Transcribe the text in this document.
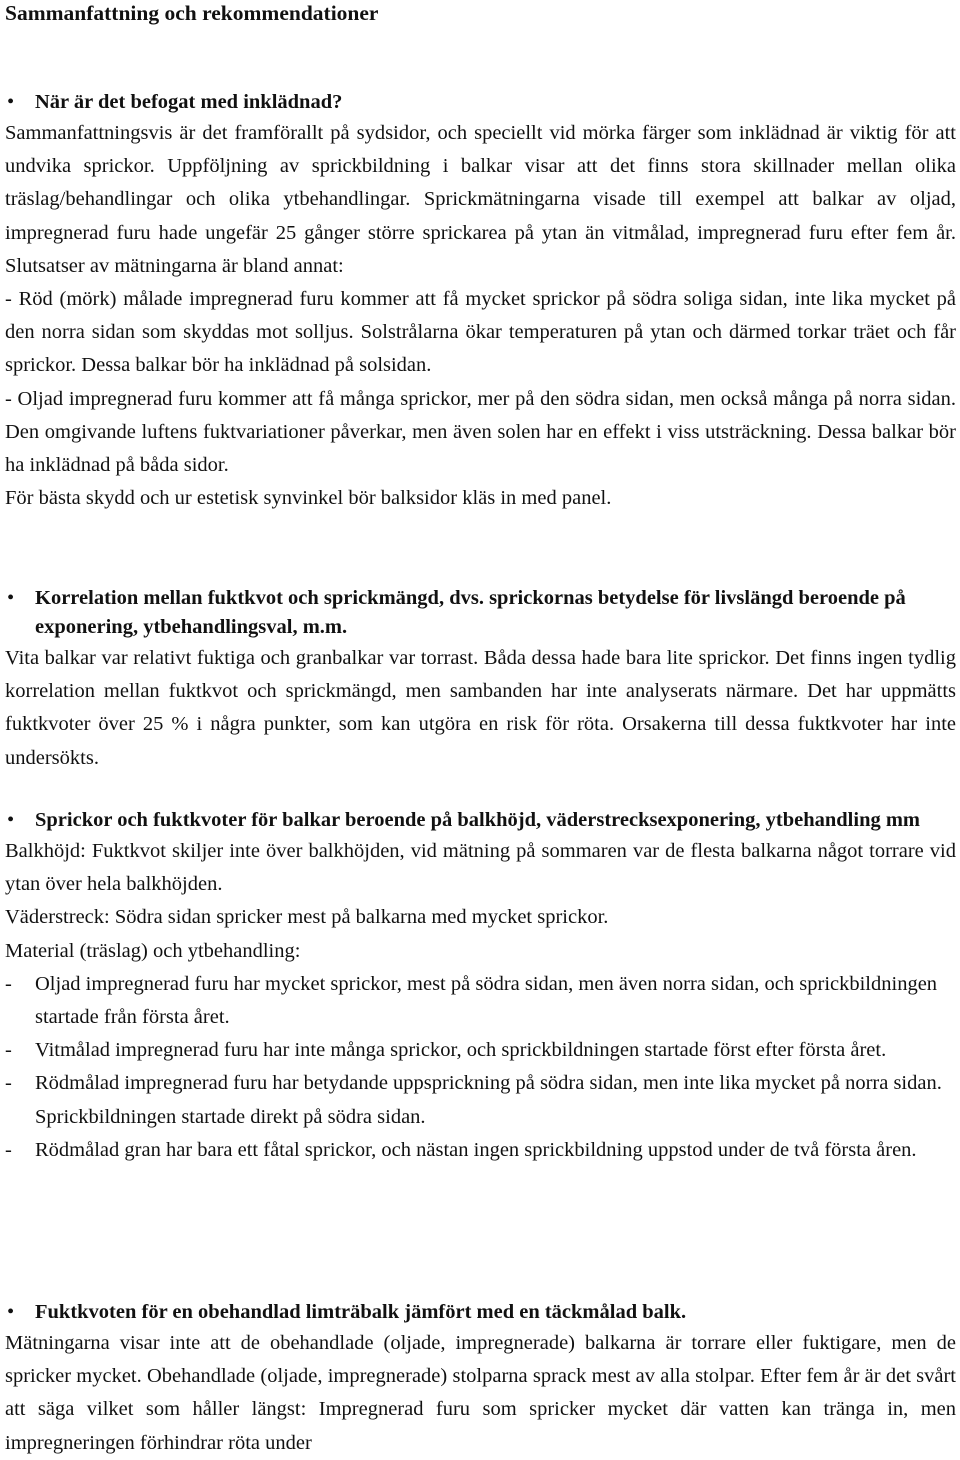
Sammanfattning och rekommendationer
• När är det befogat med inklädnad?

Sammanfattningsvis är det framförallt på sydsidor, och speciellt vid mörka färger som inklädnad är viktig för att undvika sprickor. Uppföljning av sprickbildning i balkar visar att det finns stora skillnader mellan olika träslag/behandlingar och olika ytbehandlingar. Sprickmätningarna visade till exempel att balkar av oljad, impregnerad furu hade ungefär 25 gånger större sprickarea på ytan än vitmålad, impregnerad furu efter fem år. Slutsatser av mätningarna är bland annat:

- Röd (mörk) målade impregnerad furu kommer att få mycket sprickor på södra soliga sidan, inte lika mycket på den norra sidan som skyddas mot solljus. Solstrålarna ökar temperaturen på ytan och därmed torkar träet och får sprickor. Dessa balkar bör ha inklädnad på solsidan.

- Oljad impregnerad furu kommer att få många sprickor, mer på den södra sidan, men också många på norra sidan. Den omgivande luftens fuktvariationer påverkar, men även solen har en effekt i viss utsträckning. Dessa balkar bör ha inklädnad på båda sidor.

För bästa skydd och ur estetisk synvinkel bör balksidor kläs in med panel.

• Korrelation mellan fuktkvot och sprickmängd, dvs. sprickornas betydelse för livslängd beroende på exponering, ytbehandlingsval, m.m.

Vita balkar var relativt fuktiga och granbalkar var torrast. Båda dessa hade bara lite sprickor. Det finns ingen tydlig korrelation mellan fuktkvot och sprickmängd, men sambanden har inte analyserats närmare. Det har uppmätts fuktkvoter över 25 % i några punkter, som kan utgöra en risk för röta. Orsakerna till dessa fuktkvoter har inte undersökts.

• Sprickor och fuktkvoter för balkar beroende på balkhöjd, väderstrecksexponering, ytbehandling mm

Balkhöjd: Fuktkvot skiljer inte över balkhöjden, vid mätning på sommaren var de flesta balkarna något torrare vid ytan över hela balkhöjden.

Väderstreck: Södra sidan spricker mest på balkarna med mycket sprickor.

Material (träslag) och ytbehandling:

- Oljad impregnerad furu har mycket sprickor, mest på södra sidan, men även norra sidan, och sprickbildningen startade från första året.
- Vitmålad impregnerad furu har inte många sprickor, och sprickbildningen startade först efter första året.
- Rödmålad impregnerad furu har betydande uppsprickning på södra sidan, men inte lika mycket på norra sidan. Sprickbildningen startade direkt på södra sidan.
- Rödmålad gran har bara ett fåtal sprickor, och nästan ingen sprickbildning uppstod under de två första åren.
• Fuktkvoten för en obehandlad limträbalk jämfört med en täckmålad balk.

Mätningarna visar inte att de obehandlade (oljade, impregnerade) balkarna är torrare eller fuktigare, men de spricker mycket. Obehandlade (oljade, impregnerade) stolparna sprack mest av alla stolpar. Efter fem år är det svårt att säga vilket som håller längst: Impregnerad furu som spricker mycket där vatten kan tränga in, men impregneringen förhindrar röta under
